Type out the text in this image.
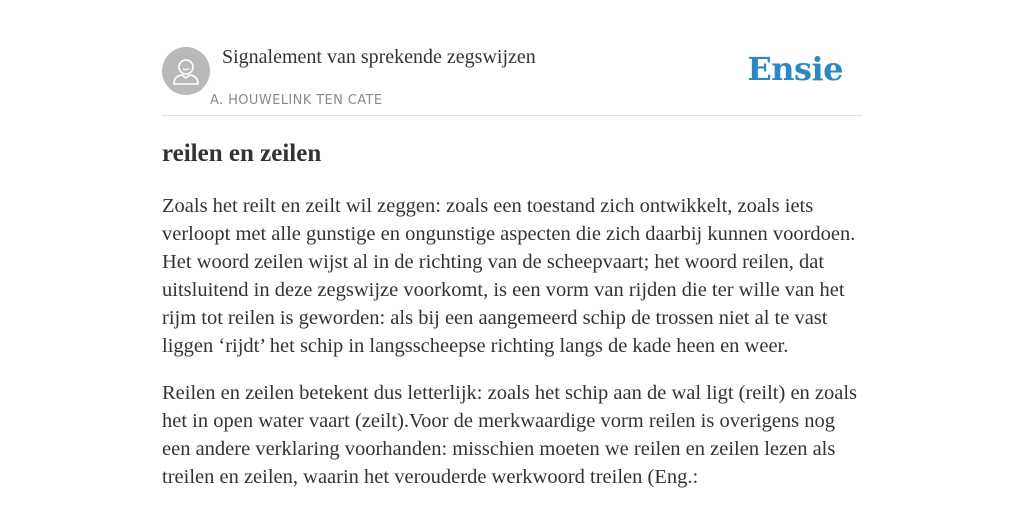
Signalement van sprekende zegswijzen
A. HOUWELINK TEN CATE
Ensie
reilen en zeilen

Zoals het reilt en zeilt wil zeggen: zoals een toestand zich ontwikkelt, zoals iets verloopt met alle gunstige en ongunstige aspecten die zich daarbij kunnen voordoen. Het woord zeilen wijst al in de richting van de scheepvaart; het woord reilen, dat uitsluitend in deze zegswijze voorkomt, is een vorm van rijden die ter wille van het rijm tot reilen is geworden: als bij een aangemeerd schip de trossen niet al te vast liggen ‘rijdt’ het schip in langsscheepse richting langs de kade heen en weer.

Reilen en zeilen betekent dus letterlijk: zoals het schip aan de wal ligt (reilt) en zoals het in open water vaart (zeilt).Voor de merkwaardige vorm reilen is overigens nog een andere verklaring voorhanden: misschien moeten we reilen en zeilen lezen als treilen en zeilen, waarin het verouderde werkwoord treilen (Eng.:
